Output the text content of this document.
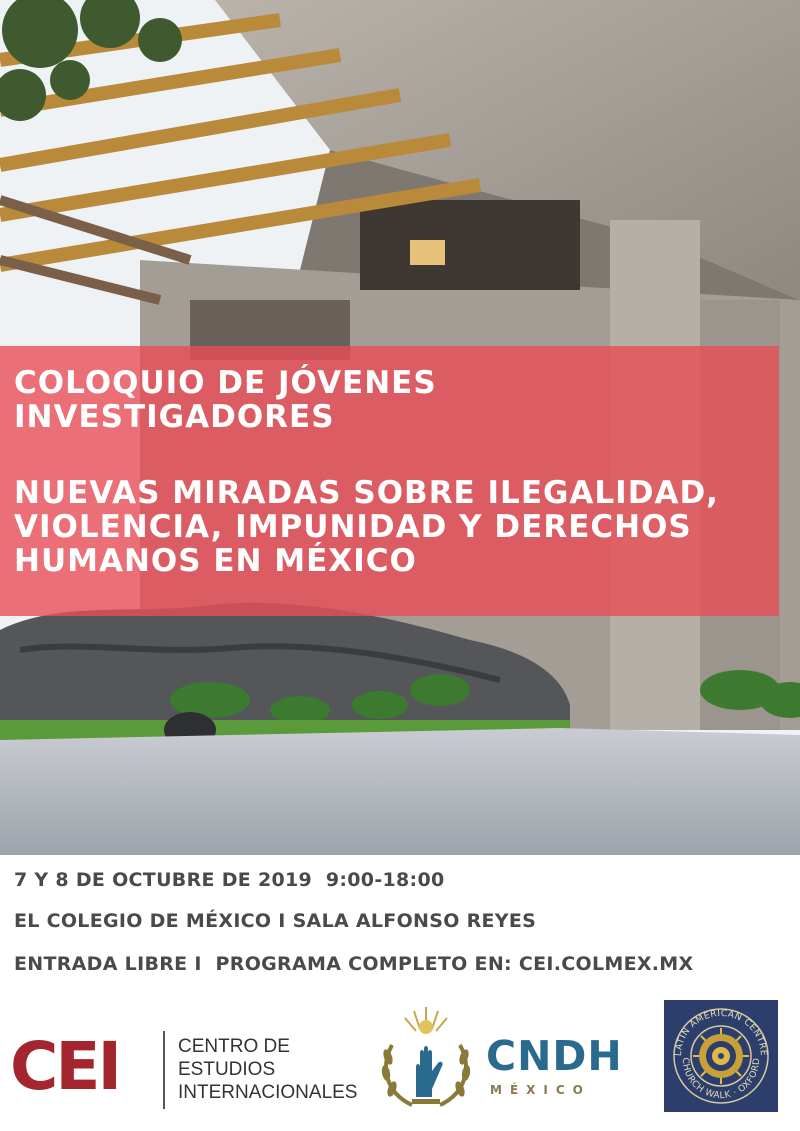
COLOQUIO DE JÓVENES INVESTIGADORES
NUEVAS MIRADAS SOBRE ILEGALIDAD, VIOLENCIA, IMPUNIDAD Y DERECHOS HUMANOS EN MÉXICO

7 Y 8 DE OCTUBRE DE 2019  9:00-18:00

EL COLEGIO DE MÉXICO I SALA ALFONSO REYES

ENTRADA LIBRE I  PROGRAMA COMPLETO EN: CEI.COLMEX.MX

CEI	CENTRO DE
ESTUDIOS
INTERNACIONALES
CNDH
MÉXICO
LATIN AMERICAN CENTRE
CHURCH WALK · OXFORD
